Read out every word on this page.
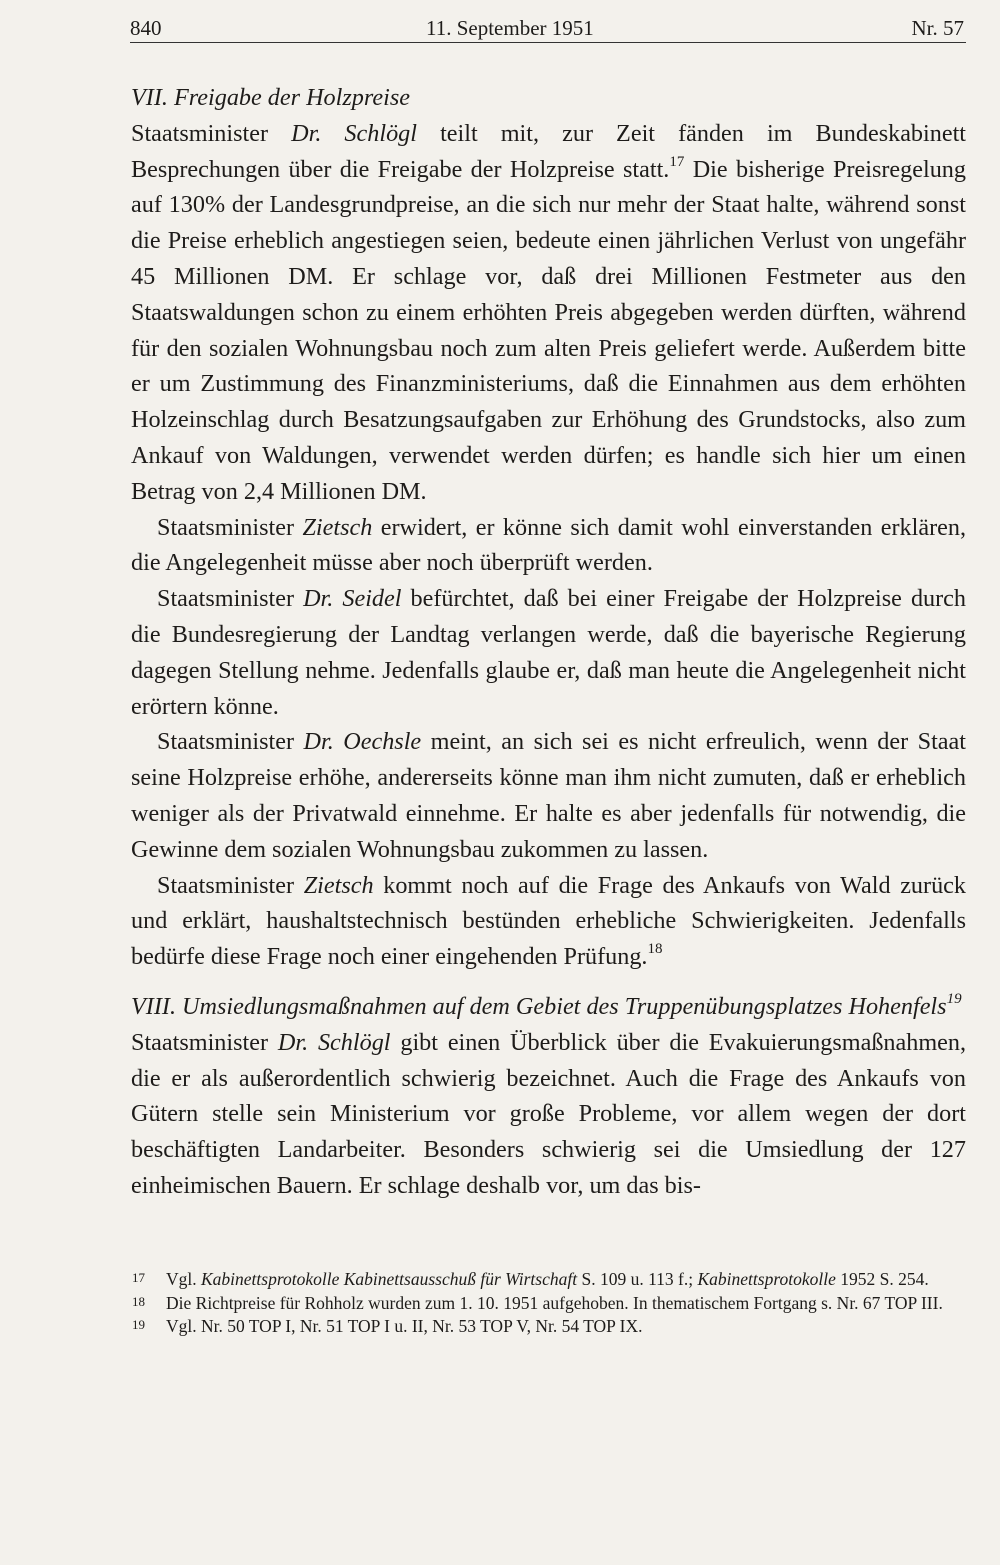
840	11. September 1951	Nr. 57

VII. Freigabe der Holzpreise

Staatsminister Dr. Schlögl teilt mit, zur Zeit fänden im Bundeskabinett Besprechungen über die Freigabe der Holzpreise statt.$^{17}$ Die bisherige Preisregelung auf 130% der Landesgrundpreise, an die sich nur mehr der Staat halte, während sonst die Preise erheblich angestiegen seien, bedeute einen jährlichen Verlust von ungefähr 45 Millionen DM. Er schlage vor, daß drei Millionen Festmeter aus den Staatswaldungen schon zu einem erhöhten Preis abgegeben werden dürften, während für den sozialen Wohnungsbau noch zum alten Preis geliefert werde. Außerdem bitte er um Zustimmung des Finanzministeriums, daß die Einnahmen aus dem erhöhten Holzeinschlag durch Besatzungsaufgaben zur Erhöhung des Grundstocks, also zum Ankauf von Waldungen, verwendet werden dürfen; es handle sich hier um einen Betrag von 2,4 Millionen DM.

Staatsminister Zietsch erwidert, er könne sich damit wohl einverstanden erklären, die Angelegenheit müsse aber noch überprüft werden.

Staatsminister Dr. Seidel befürchtet, daß bei einer Freigabe der Holzpreise durch die Bundesregierung der Landtag verlangen werde, daß die bayerische Regierung dagegen Stellung nehme. Jedenfalls glaube er, daß man heute die Angelegenheit nicht erörtern könne.

Staatsminister Dr. Oechsle meint, an sich sei es nicht erfreulich, wenn der Staat seine Holzpreise erhöhe, andererseits könne man ihm nicht zumuten, daß er erheblich weniger als der Privatwald einnehme. Er halte es aber jedenfalls für notwendig, die Gewinne dem sozialen Wohnungsbau zukommen zu lassen.

Staatsminister Zietsch kommt noch auf die Frage des Ankaufs von Wald zurück und erklärt, haushaltstechnisch bestünden erhebliche Schwierigkeiten. Jedenfalls bedürfe diese Frage noch einer eingehenden Prüfung.$^{18}$

VIII. Umsiedlungsmaßnahmen auf dem Gebiet des Truppenübungsplatzes Hohenfels$^{19}$

Staatsminister Dr. Schlögl gibt einen Überblick über die Evakuierungsmaßnahmen, die er als außerordentlich schwierig bezeichnet. Auch die Frage des Ankaufs von Gütern stelle sein Ministerium vor große Probleme, vor allem wegen der dort beschäftigten Landarbeiter. Besonders schwierig sei die Umsiedlung der 127 einheimischen Bauern. Er schlage deshalb vor, um das bis-

17 Vgl. Kabinettsprotokolle Kabinettsausschuß für Wirtschaft S. 109 u. 113 f.; Kabinettsprotokolle 1952 S. 254.

18 Die Richtpreise für Rohholz wurden zum 1. 10. 1951 aufgehoben. In thematischem Fortgang s. Nr. 67 TOP III.

19 Vgl. Nr. 50 TOP I, Nr. 51 TOP I u. II, Nr. 53 TOP V, Nr. 54 TOP IX.
